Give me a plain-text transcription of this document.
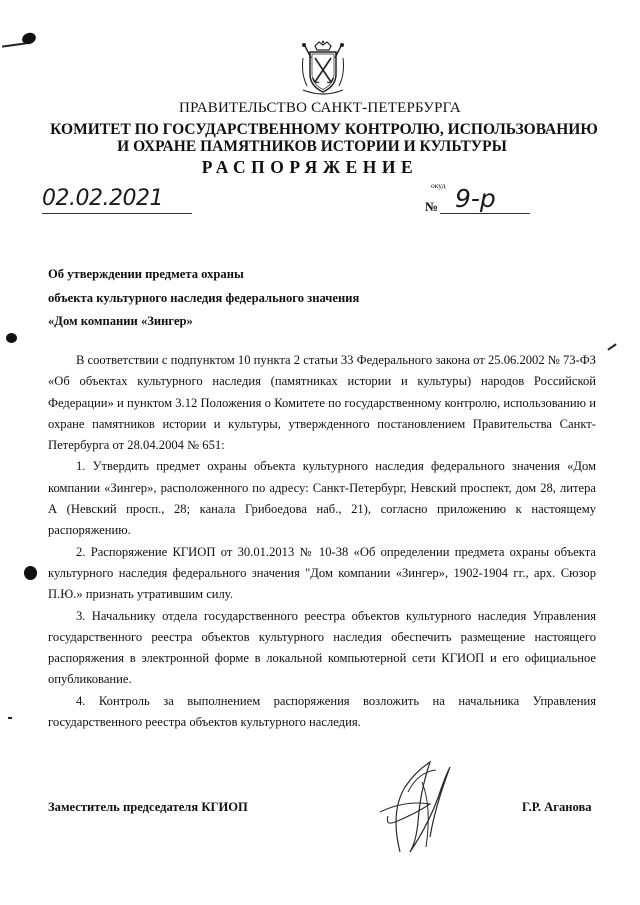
ПРАВИТЕЛЬСТВО САНКТ-ПЕТЕРБУРГА
КОМИТЕТ ПО ГОСУДАРСТВЕННОМУ КОНТРОЛЮ, ИСПОЛЬЗОВАНИЮ
И ОХРАНЕ ПАМЯТНИКОВ ИСТОРИИ И КУЛЬТУРЫ
РАСПОРЯЖЕНИЕ
окуд
02.02.2021	№ 9-р
Об утверждении предмета охраны
объекта культурного наследия федерального значения
«Дом компании «Зингер»

В соответствии с подпунктом 10 пункта 2 статьи 33 Федерального закона от 25.06.2002 № 73-ФЗ «Об объектах культурного наследия (памятниках истории и культуры) народов Российской Федерации» и пунктом 3.12 Положения о Комитете по государственному контролю, использованию и охране памятников истории и культуры, утвержденного постановлением Правительства Санкт-Петербурга от 28.04.2004 № 651:

1. Утвердить предмет охраны объекта культурного наследия федерального значения «Дом компании «Зингер», расположенного по адресу: Санкт-Петербург, Невский проспект, дом 28, литера А (Невский просп., 28; канала Грибоедова наб., 21), согласно приложению к настоящему распоряжению.

2. Распоряжение КГИОП от 30.01.2013 № 10-38 «Об определении предмета охраны объекта культурного наследия федерального значения "Дом компании «Зингер», 1902-1904 гг., арх. Сюзор П.Ю.» признать утратившим силу.

3. Начальнику отдела государственного реестра объектов культурного наследия Управления государственного реестра объектов культурного наследия обеспечить размещение настоящего распоряжения в электронной форме в локальной компьютерной сети КГИОП и его официальное опубликование.

4. Контроль за выполнением распоряжения возложить на начальника Управления государственного реестра объектов культурного наследия.

Заместитель председателя КГИОП	Г.Р. Аганова
